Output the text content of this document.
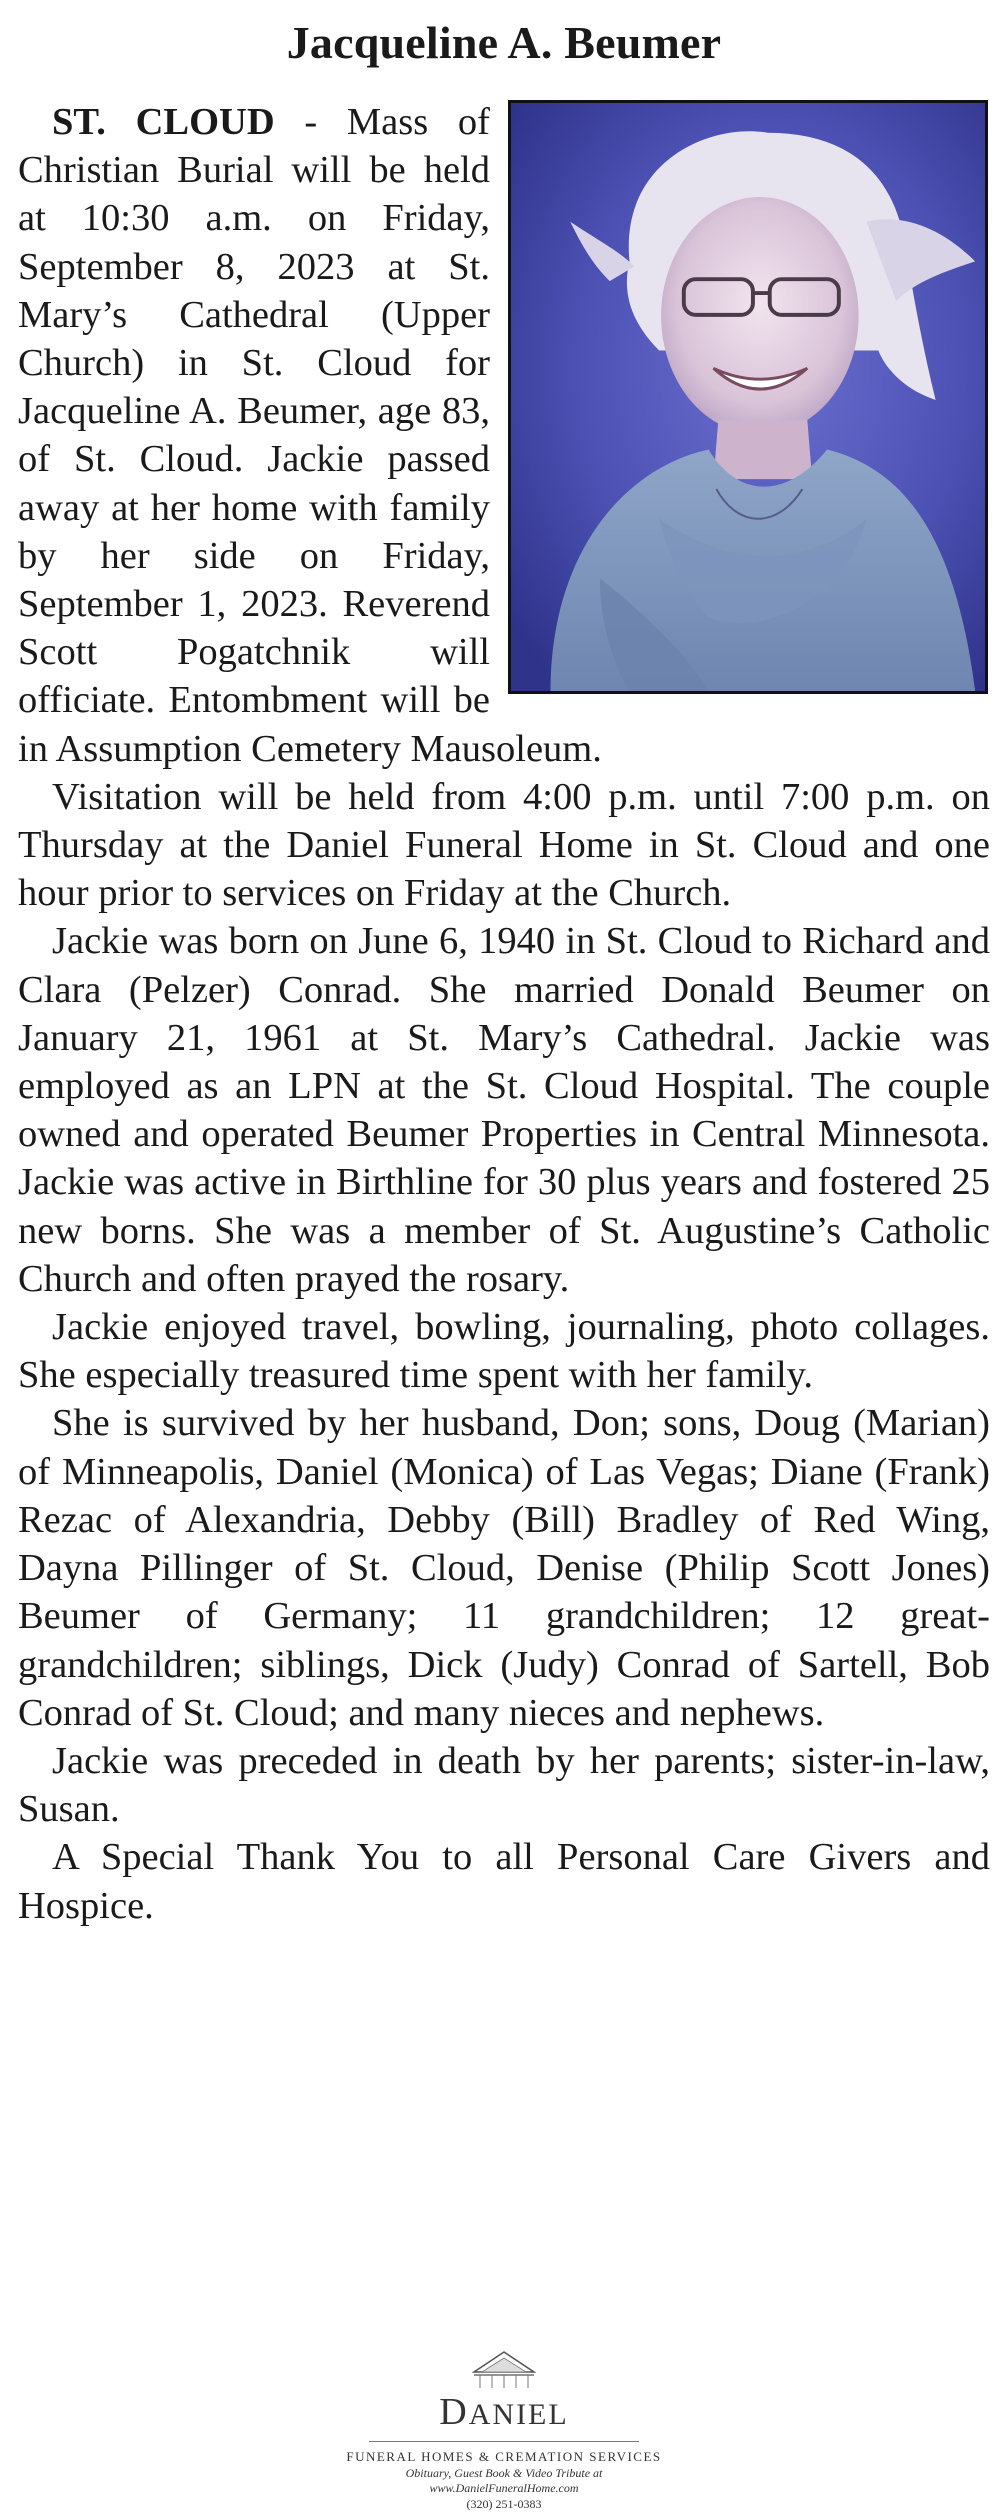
Jacqueline A. Beumer

ST. CLOUD - Mass of Christian Burial will be held at 10:30 a.m. on Friday, September 8, 2023 at St. Mary’s Cathedral (Upper Church) in St. Cloud for Jacqueline A. Beumer, age 83, of St. Cloud. Jackie passed away at her home with family by her side on Friday, September 1, 2023. Reverend Scott Pogatchnik will officiate. Entombment will be in Assumption Cemetery Mausoleum.

Visitation will be held from 4:00 p.m. until 7:00 p.m. on Thursday at the Daniel Funeral Home in St. Cloud and one hour prior to services on Friday at the Church.

Jackie was born on June 6, 1940 in St. Cloud to Richard and Clara (Pelzer) Conrad. She married Donald Beumer on January 21, 1961 at St. Mary’s Cathedral. Jackie was employed as an LPN at the St. Cloud Hospital. The couple owned and operated Beumer Properties in Central Minnesota. Jackie was active in Birthline for 30 plus years and fostered 25 new borns. She was a member of St. Augustine’s Catholic Church and often prayed the rosary.

Jackie enjoyed travel, bowling, journaling, photo collages. She especially treasured time spent with her family.

She is survived by her husband, Don; sons, Doug (Marian) of Minneapolis, Daniel (Monica) of Las Vegas; Diane (Frank) Rezac of Alexandria, Debby (Bill) Bradley of Red Wing, Dayna Pillinger of St. Cloud, Denise (Philip Scott Jones) Beumer of Germany; 11 grandchildren; 12 great-grandchildren; siblings, Dick (Judy) Conrad of Sartell, Bob Conrad of St. Cloud; and many nieces and nephews.

Jackie was preceded in death by her parents; sister-in-law, Susan.

A Special Thank You to all Personal Care Givers and Hospice.

DANIEL
FUNERAL HOMES & CREMATION SERVICES
Obituary, Guest Book & Video Tribute at
www.DanielFuneralHome.com
(320) 251-0383
